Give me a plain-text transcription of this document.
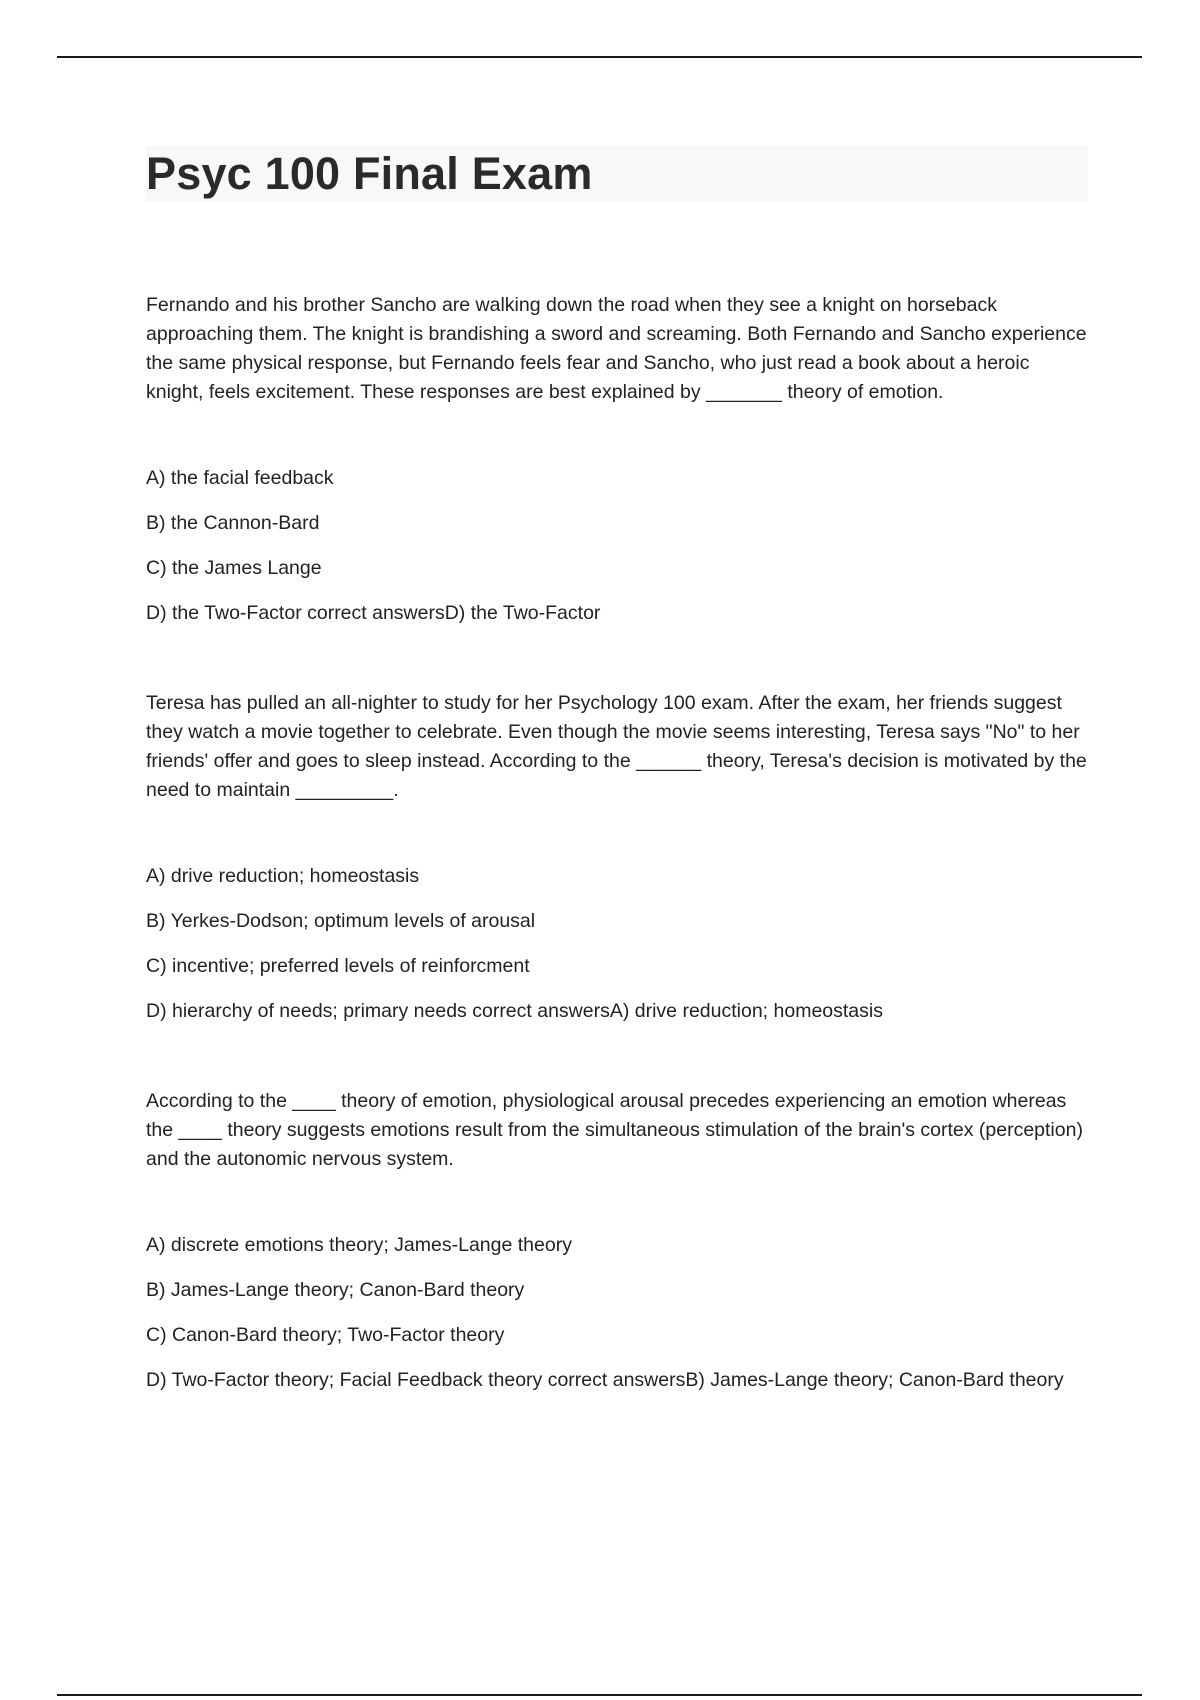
Psyc 100 Final Exam

Fernando and his brother Sancho are walking down the road when they see a knight on horseback approaching them. The knight is brandishing a sword and screaming. Both Fernando and Sancho experience the same physical response, but Fernando feels fear and Sancho, who just read a book about a heroic knight, feels excitement. These responses are best explained by _______ theory of emotion.

A) the facial feedback
B) the Cannon-Bard
C) the James Lange
D) the Two-Factor correct answersD) the Two-Factor

Teresa has pulled an all-nighter to study for her Psychology 100 exam. After the exam, her friends suggest they watch a movie together to celebrate. Even though the movie seems interesting, Teresa says "No" to her friends' offer and goes to sleep instead. According to the ______ theory, Teresa's decision is motivated by the need to maintain _________.

A) drive reduction; homeostasis
B) Yerkes-Dodson; optimum levels of arousal
C) incentive; preferred levels of reinforcment
D) hierarchy of needs; primary needs correct answersA) drive reduction; homeostasis

According to the ____ theory of emotion, physiological arousal precedes experiencing an emotion whereas the ____ theory suggests emotions result from the simultaneous stimulation of the brain's cortex (perception) and the autonomic nervous system.

A) discrete emotions theory; James-Lange theory
B) James-Lange theory; Canon-Bard theory
C) Canon-Bard theory; Two-Factor theory
D) Two-Factor theory; Facial Feedback theory correct answersB) James-Lange theory; Canon-Bard theory
